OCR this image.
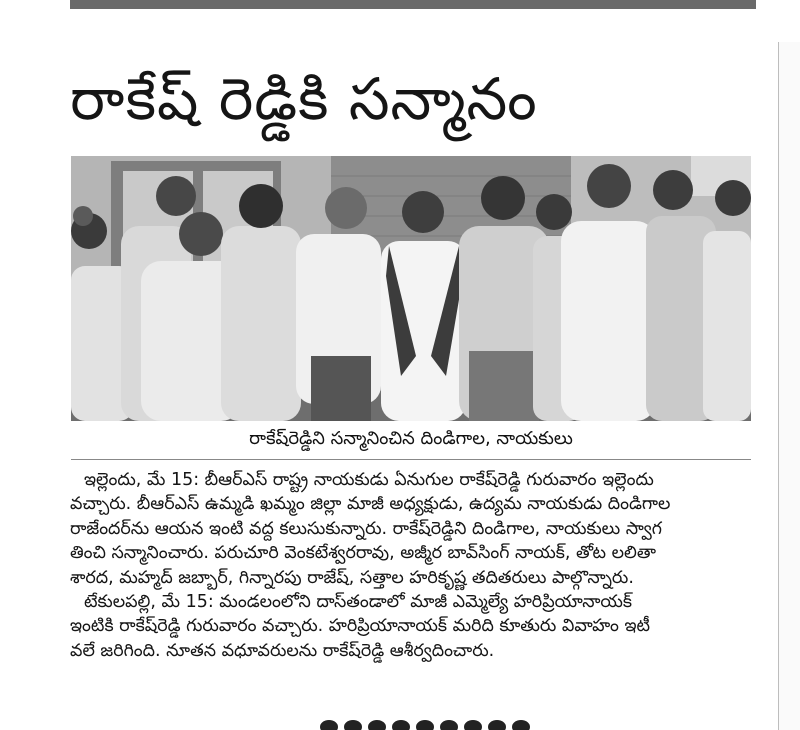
రాకేష్ రెడ్డికి సన్మానం
రాకేష్‌రెడ్డిని సన్మానించిన దిండిగాల, నాయకులు

ఇల్లెందు, మే 15: బీఆర్ఎస్ రాష్ట్ర నాయకుడు ఏనుగుల రాకేష్‌రెడ్డి గురువారం ఇల్లెందు

వచ్చారు. బీఆర్ఎస్ ఉమ్మడి ఖమ్మం జిల్లా మాజీ అధ్యక్షుడు, ఉద్యమ నాయకుడు దిండిగాల

రాజేందర్‌ను ఆయన ఇంటి వద్ద కలుసుకున్నారు. రాకేష్‌రెడ్డిని దిండిగాల, నాయకులు స్వాగ

తించి సన్మానించారు. పరుచూరి వెంకటేశ్వరరావు, అజ్మీర బావ్‌సింగ్ నాయక్, తోట లలితా

శారద, మహ్మద్ జబ్బార్, గిన్నారపు రాజేష్, సత్తాల హరికృష్ణ తదితరులు పాల్గొన్నారు.

టేకులపల్లి, మే 15: మండలంలోని దాస్‌తండాలో మాజీ ఎమ్మెల్యే హరిప్రియానాయక్

ఇంటికి రాకేష్‌రెడ్డి గురువారం వచ్చారు. హరిప్రియానాయక్ మరిది కూతురు వివాహం ఇటీ

వలే జరిగింది. నూతన వధూవరులను రాకేష్‌రెడ్డి ఆశీర్వదించారు.
